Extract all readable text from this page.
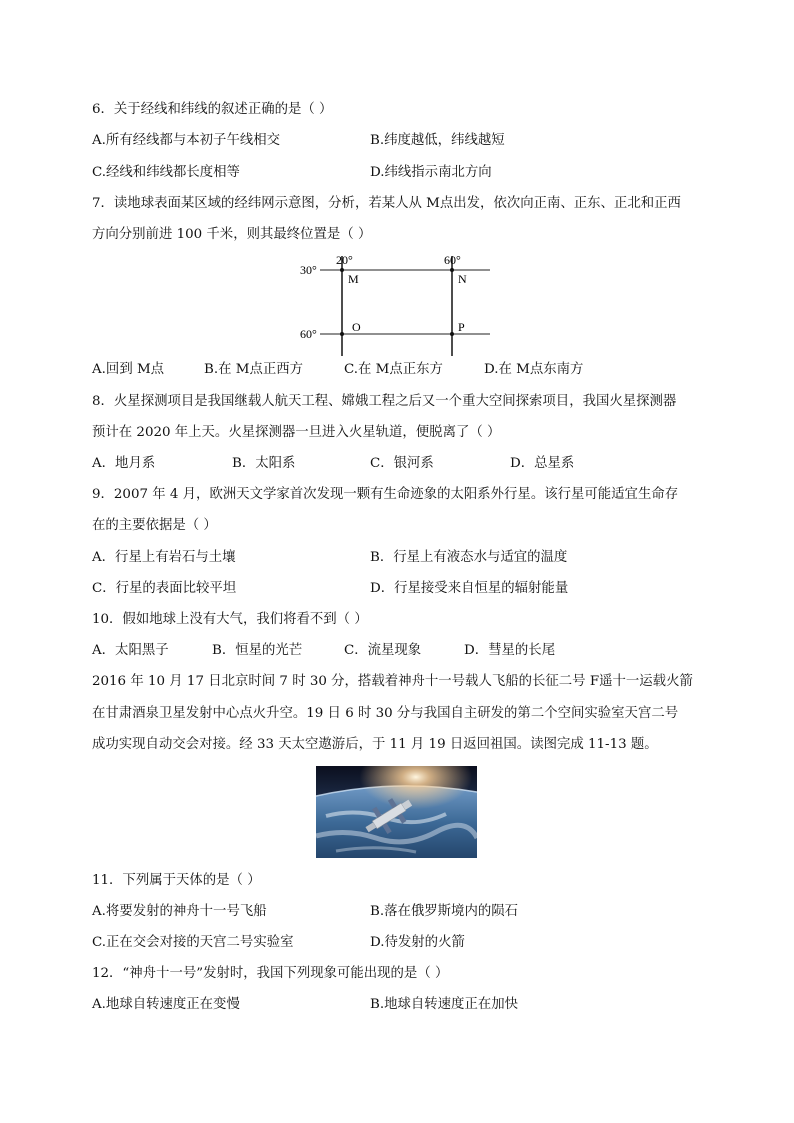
6．关于经线和纬线的叙述正确的是（ ）
A.所有经线都与本初子午线相交	B.纬度越低，纬线越短
C.经线和纬线都长度相等	D.纬线指示南北方向
7．读地球表面某区域的经纬网示意图，分析，若某人从 M点出发，依次向正南、正东、正北和正西
方向分别前进 100 千米，则其最终位置是（ ）
30°
60°
20°	60°
M	N
O	P
A.回到 M点	B.在 M点正西方	C.在 M点正东方	D.在 M点东南方
8．火星探测项目是我国继载人航天工程、嫦娥工程之后又一个重大空间探索项目，我国火星探测器
预计在 2020 年上天。火星探测器一旦进入火星轨道，便脱离了（ ）
A．地月系	B．太阳系	C．银河系	D．总星系
9．2007 年 4 月，欧洲天文学家首次发现一颗有生命迹象的太阳系外行星。该行星可能适宜生命存
在的主要依据是（ ）
A．行星上有岩石与土壤	B．行星上有液态水与适宜的温度
C．行星的表面比较平坦	D．行星接受来自恒星的辐射能量
10．假如地球上没有大气，我们将看不到（ ）
A．太阳黑子	B．恒星的光芒	C．流星现象	D．彗星的长尾
2016 年 10 月 17 日北京时间 7 时 30 分，搭载着神舟十一号载人飞船的长征二号 F遥十一运载火箭
在甘肃酒泉卫星发射中心点火升空。19 日 6 时 30 分与我国自主研发的第二个空间实验室天宫二号
成功实现自动交会对接。经 33 天太空遨游后，于 11 月 19 日返回祖国。读图完成 11-13 题。
11．下列属于天体的是（ ）
A.将要发射的神舟十一号飞船	B.落在俄罗斯境内的陨石
C.正在交会对接的天宫二号实验室	D.待发射的火箭
12．“神舟十一号”发射时，我国下列现象可能出现的是（ ）
A.地球自转速度正在变慢	B.地球自转速度正在加快
